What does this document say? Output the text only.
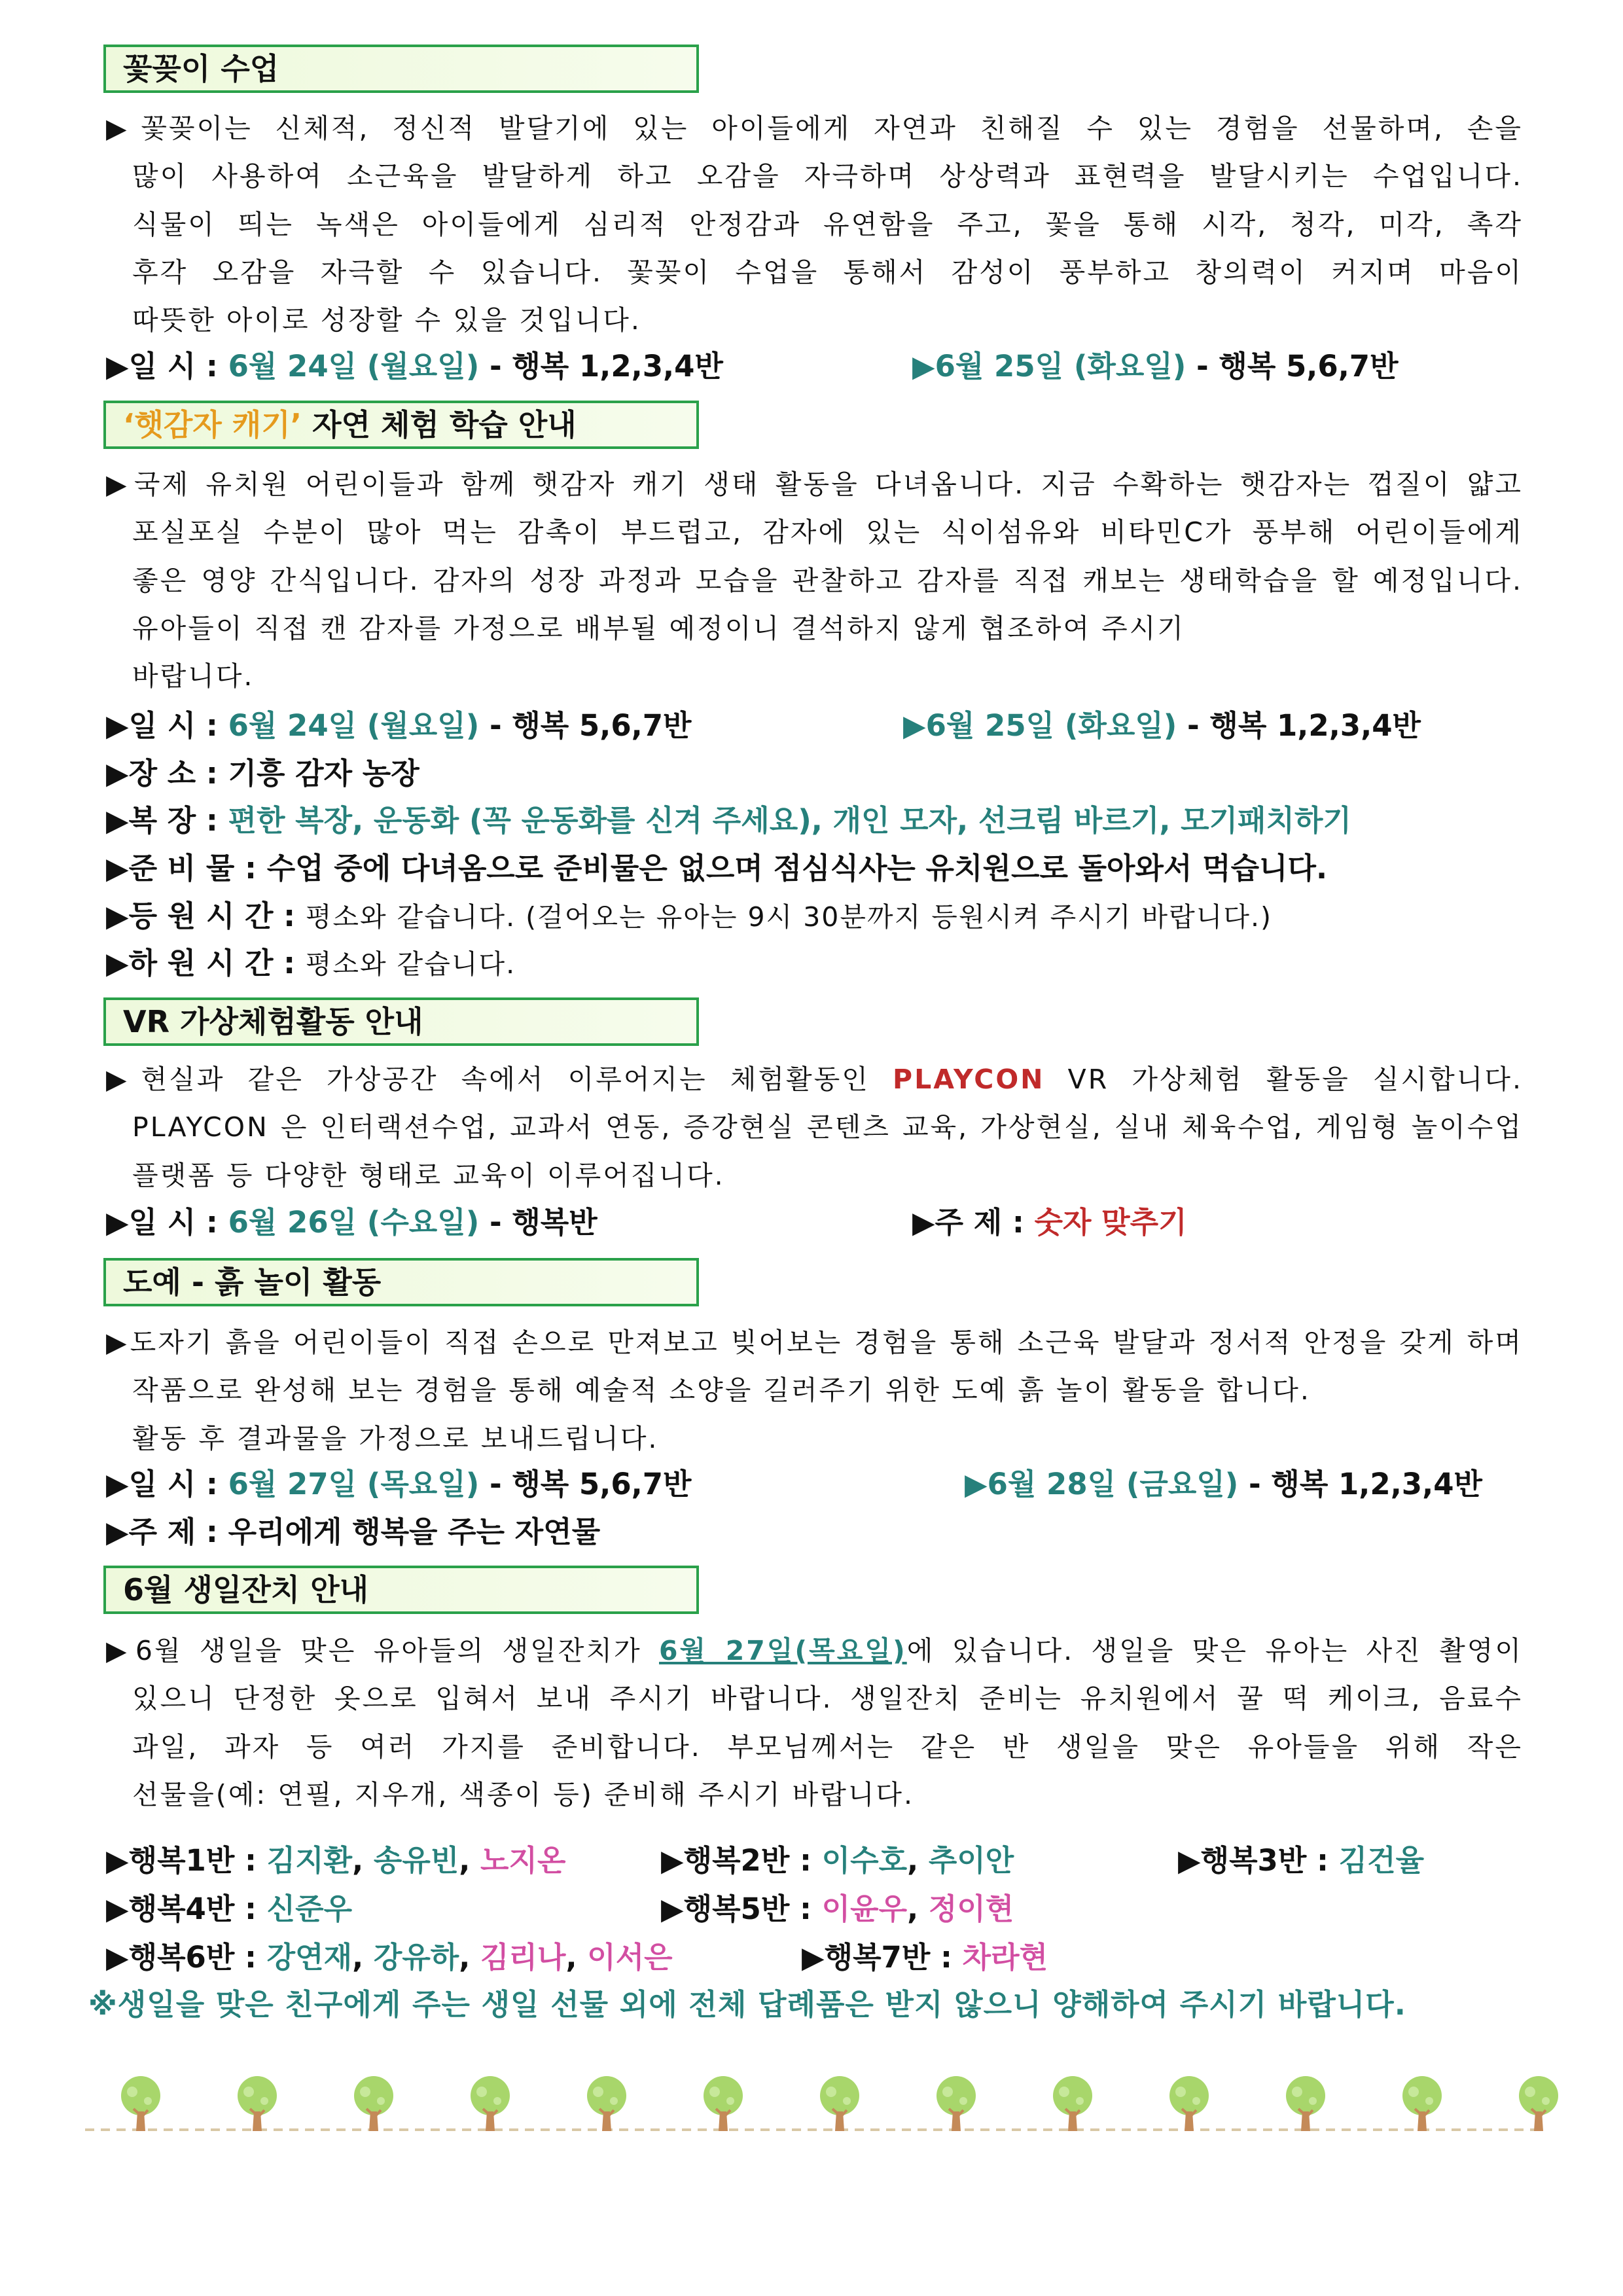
꽃꽂이 수업
▶꽃꽂이는 신체적, 정신적 발달기에 있는 아이들에게 자연과 친해질 수 있는 경험을 선물하며, 손을
많이 사용하여 소근육을 발달하게 하고 오감을 자극하며 상상력과 표현력을 발달시키는 수업입니다.
식물이 띄는 녹색은 아이들에게 심리적 안정감과 유연함을 주고, 꽃을 통해 시각, 청각, 미각, 촉각
후각 오감을 자극할 수 있습니다. 꽃꽂이 수업을 통해서 감성이 풍부하고 창의력이 커지며 마음이
따뜻한 아이로 성장할 수 있을 것입니다.
▶일 시 : 6월 24일 (월요일) - 행복 1,2,3,4반	▶6월 25일 (화요일) - 행복 5,6,7반
‘햇감자 캐기’ 자연 체험 학습 안내
▶국제 유치원 어린이들과 함께 햇감자 캐기 생태 활동을 다녀옵니다. 지금 수확하는 햇감자는 껍질이 얇고
포실포실 수분이 많아 먹는 감촉이 부드럽고, 감자에 있는 식이섬유와 비타민C가 풍부해 어린이들에게
좋은 영양 간식입니다. 감자의 성장 과정과 모습을 관찰하고 감자를 직접 캐보는 생태학습을 할 예정입니다.
유아들이 직접 캔 감자를 가정으로 배부될 예정이니 결석하지 않게 협조하여 주시기
바랍니다.
▶일 시 : 6월 24일 (월요일) - 행복 5,6,7반	▶6월 25일 (화요일) - 행복 1,2,3,4반
▶장 소 : 기흥 감자 농장
▶복 장 : 편한 복장, 운동화 (꼭 운동화를 신겨 주세요), 개인 모자, 선크림 바르기, 모기패치하기
▶준 비 물 : 수업 중에 다녀옴으로 준비물은 없으며 점심식사는 유치원으로 돌아와서 먹습니다.
▶등 원 시 간 : 평소와 같습니다. (걸어오는 유아는 9시 30분까지 등원시켜 주시기 바랍니다.)
▶하 원 시 간 : 평소와 같습니다.
VR 가상체험활동 안내
▶현실과 같은 가상공간 속에서 이루어지는 체험활동인 PLAYCON VR 가상체험 활동을 실시합니다.
PLAYCON 은 인터랙션수업, 교과서 연동, 증강현실 콘텐츠 교육, 가상현실, 실내 체육수업, 게임형 놀이수업
플랫폼 등 다양한 형태로 교육이 이루어집니다.
▶일 시 : 6월 26일 (수요일) - 행복반	▶주 제 : 숫자 맞추기
도예 - 흙 놀이 활동
▶도자기 흙을 어린이들이 직접 손으로 만져보고 빚어보는 경험을 통해 소근육 발달과 정서적 안정을 갖게 하며
작품으로 완성해 보는 경험을 통해 예술적 소양을 길러주기 위한 도예 흙 놀이 활동을 합니다.
활동 후 결과물을 가정으로 보내드립니다.
▶일 시 : 6월 27일 (목요일) - 행복 5,6,7반	▶6월 28일 (금요일) - 행복 1,2,3,4반
▶주 제 : 우리에게 행복을 주는 자연물
6월 생일잔치 안내
▶6월 생일을 맞은 유아들의 생일잔치가 6월 27일(목요일)에 있습니다. 생일을 맞은 유아는 사진 촬영이
있으니 단정한 옷으로 입혀서 보내 주시기 바랍니다. 생일잔치 준비는 유치원에서 꿀 떡 케이크, 음료수
과일, 과자 등 여러 가지를 준비합니다. 부모님께서는 같은 반 생일을 맞은 유아들을 위해 작은
선물을(예: 연필, 지우개, 색종이 등) 준비해 주시기 바랍니다.
▶행복1반 : 김지환, 송유빈, 노지온	▶행복2반 : 이수호, 추이안	▶행복3반 : 김건율
▶행복4반 : 신준우	▶행복5반 : 이윤우, 정이현
▶행복6반 : 강연재, 강유하, 김리나, 이서은	▶행복7반 : 차라현
※생일을 맞은 친구에게 주는 생일 선물 외에 전체 답례품은 받지 않으니 양해하여 주시기 바랍니다.
